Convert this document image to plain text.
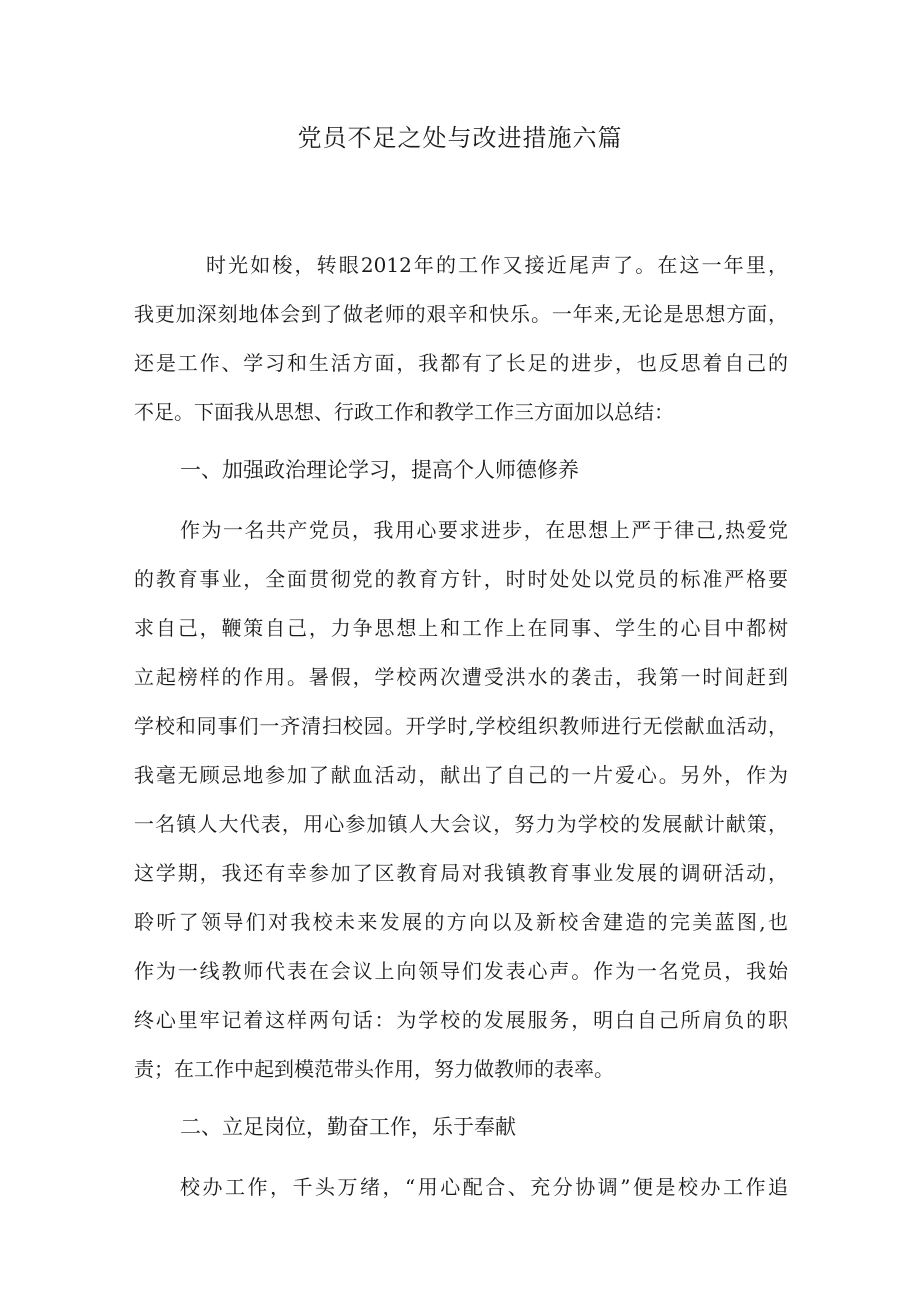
党员不足之处与改进措施六篇
时光如梭，转眼2012年的工作又接近尾声了。在这一年里，
我更加深刻地体会到了做老师的艰辛和快乐。一年来,无论是思想方面，
还是工作、学习和生活方面，我都有了长足的进步，也反思着自己的
不足。下面我从思想、行政工作和教学工作三方面加以总结：
一、加强政治理论学习，提高个人师德修养
作为一名共产党员，我用心要求进步，在思想上严于律己,热爱党
的教育事业，全面贯彻党的教育方针，时时处处以党员的标准严格要
求自己，鞭策自己，力争思想上和工作上在同事、学生的心目中都树
立起榜样的作用。暑假，学校两次遭受洪水的袭击，我第一时间赶到
学校和同事们一齐清扫校园。开学时,学校组织教师进行无偿献血活动，
我毫无顾忌地参加了献血活动，献出了自己的一片爱心。另外，作为
一名镇人大代表，用心参加镇人大会议，努力为学校的发展献计献策，
这学期，我还有幸参加了区教育局对我镇教育事业发展的调研活动，
聆听了领导们对我校未来发展的方向以及新校舍建造的完美蓝图,也
作为一线教师代表在会议上向领导们发表心声。作为一名党员，我始
终心里牢记着这样两句话：为学校的发展服务，明白自己所肩负的职
责；在工作中起到模范带头作用，努力做教师的表率。
二、立足岗位，勤奋工作，乐于奉献
校办工作，千头万绪，“用心配合、充分协调”便是校办工作追
